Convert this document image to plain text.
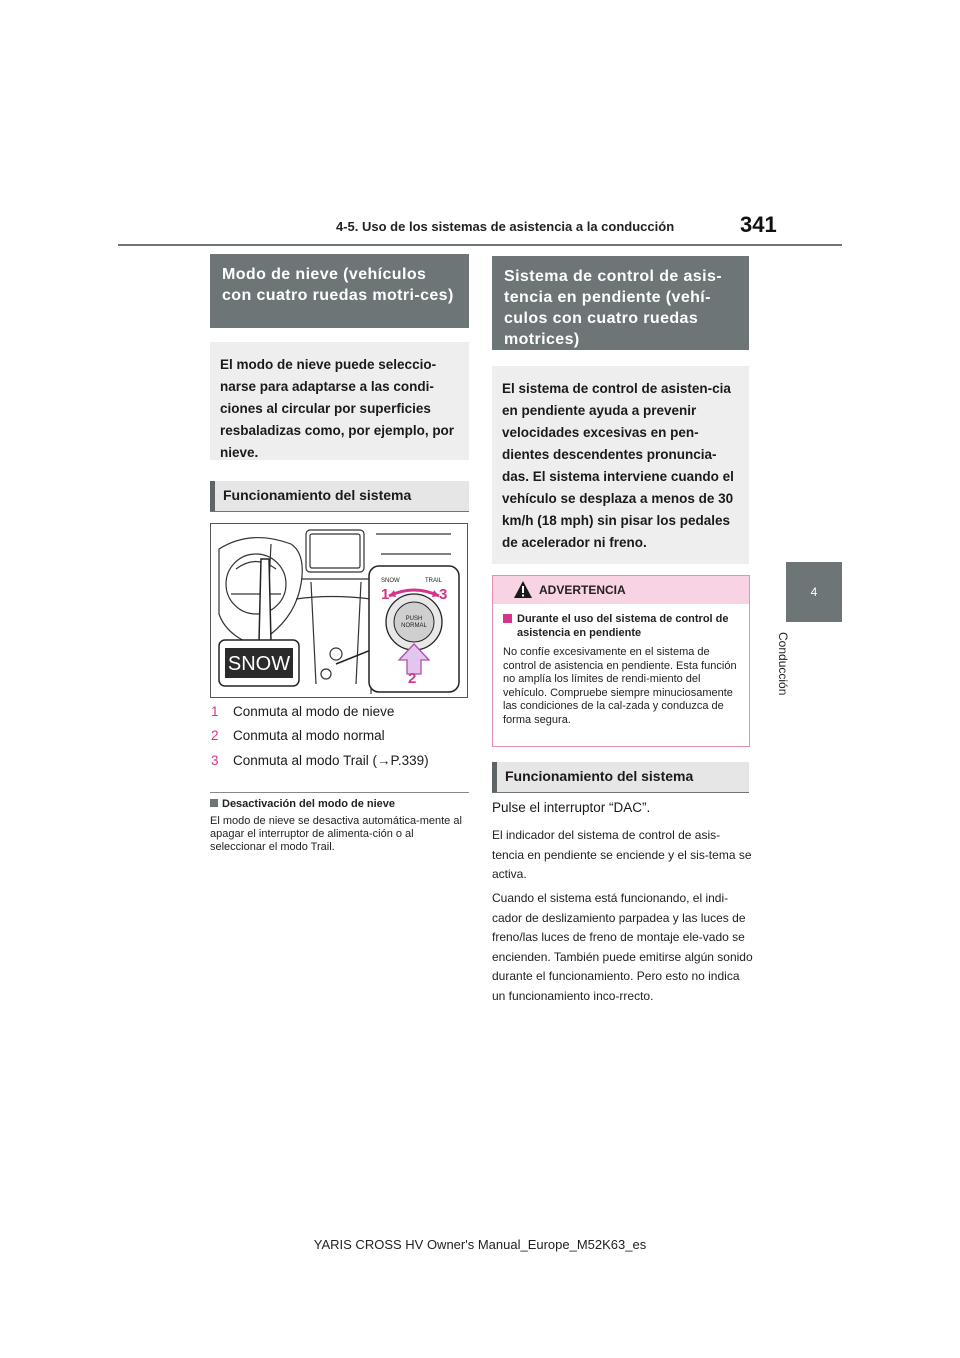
4-5. Uso de los sistemas de asistencia a la conducción	341
4
Conducción
Modo de nieve (vehículos con cuatro ruedas motri-ces)
El modo de nieve puede seleccio-narse para adaptarse a las condi-ciones al circular por superficies resbaladizas como, por ejemplo, por nieve.
Funcionamiento del sistema
SNOW
SNOW	TRAIL
PUSH
NORMAL
1
2
3
1 Conmuta al modo de nieve
2 Conmuta al modo normal
3 Conmuta al modo Trail (→P.339)
Desactivación del modo de nieve
El modo de nieve se desactiva automática-mente al apagar el interruptor de alimenta-ción o al seleccionar el modo Trail.
Sistema de control de asis-tencia en pendiente (vehí-culos con cuatro ruedas motrices)
El sistema de control de asisten-cia en pendiente ayuda a prevenir velocidades excesivas en pen-dientes descendentes pronuncia-das. El sistema interviene cuando el vehículo se desplaza a menos de 30 km/h (18 mph) sin pisar los pedales de acelerador ni freno.
ADVERTENCIA
Durante el uso del sistema de control de asistencia en pendiente
No confíe excesivamente en el sistema de control de asistencia en pendiente. Esta función no amplía los límites de rendi-miento del vehículo. Compruebe siempre minuciosamente las condiciones de la cal-zada y conduzca de forma segura.
Funcionamiento del sistema
Pulse el interruptor “DAC”.
El indicador del sistema de control de asis-tencia en pendiente se enciende y el sis-tema se activa.
Cuando el sistema está funcionando, el indi-cador de deslizamiento parpadea y las luces de freno/las luces de freno de montaje ele-vado se encienden. También puede emitirse algún sonido durante el funcionamiento. Pero esto no indica un funcionamiento inco-rrecto.
YARIS CROSS HV Owner's Manual_Europe_M52K63_es
